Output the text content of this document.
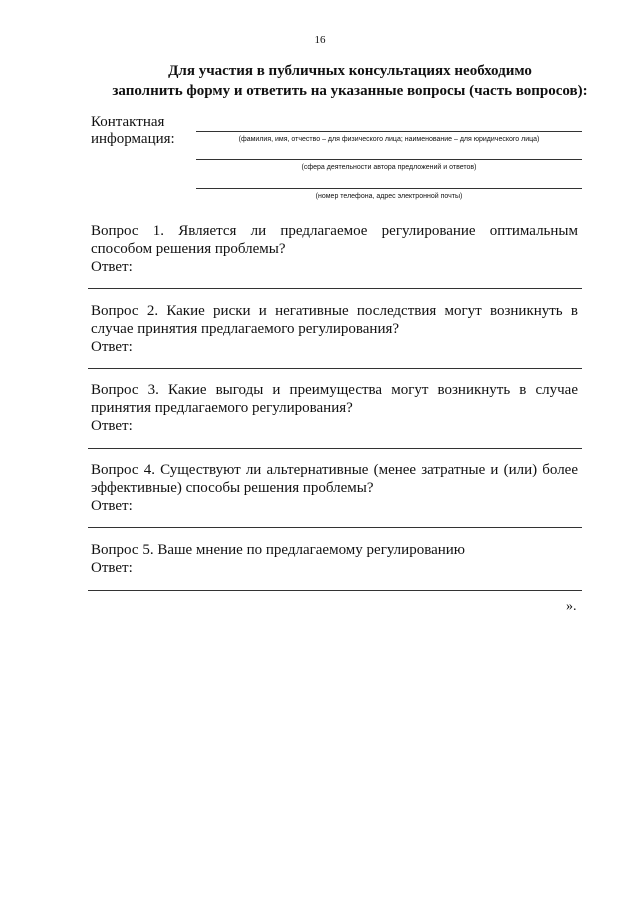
16
Для участия в публичных консультациях необходимо
заполнить форму и ответить на указанные вопросы (часть вопросов):
Контактная
информация:	(фамилия, имя, отчество – для физического лица; наименование – для юридического лица)
(сфера деятельности автора предложений и ответов)
(номер телефона, адрес электронной почты)
Вопрос 1. Является ли предлагаемое регулирование оптимальным способом решения проблемы?
Ответ:
Вопрос 2. Какие риски и негативные последствия могут возникнуть в случае принятия предлагаемого регулирования?
Ответ:
Вопрос 3. Какие выгоды и преимущества могут возникнуть в случае принятия предлагаемого регулирования?
Ответ:
Вопрос 4. Существуют ли альтернативные (менее затратные и (или) более эффективные) способы решения проблемы?
Ответ:
Вопрос 5. Ваше мнение по предлагаемому регулированию
Ответ:
».
